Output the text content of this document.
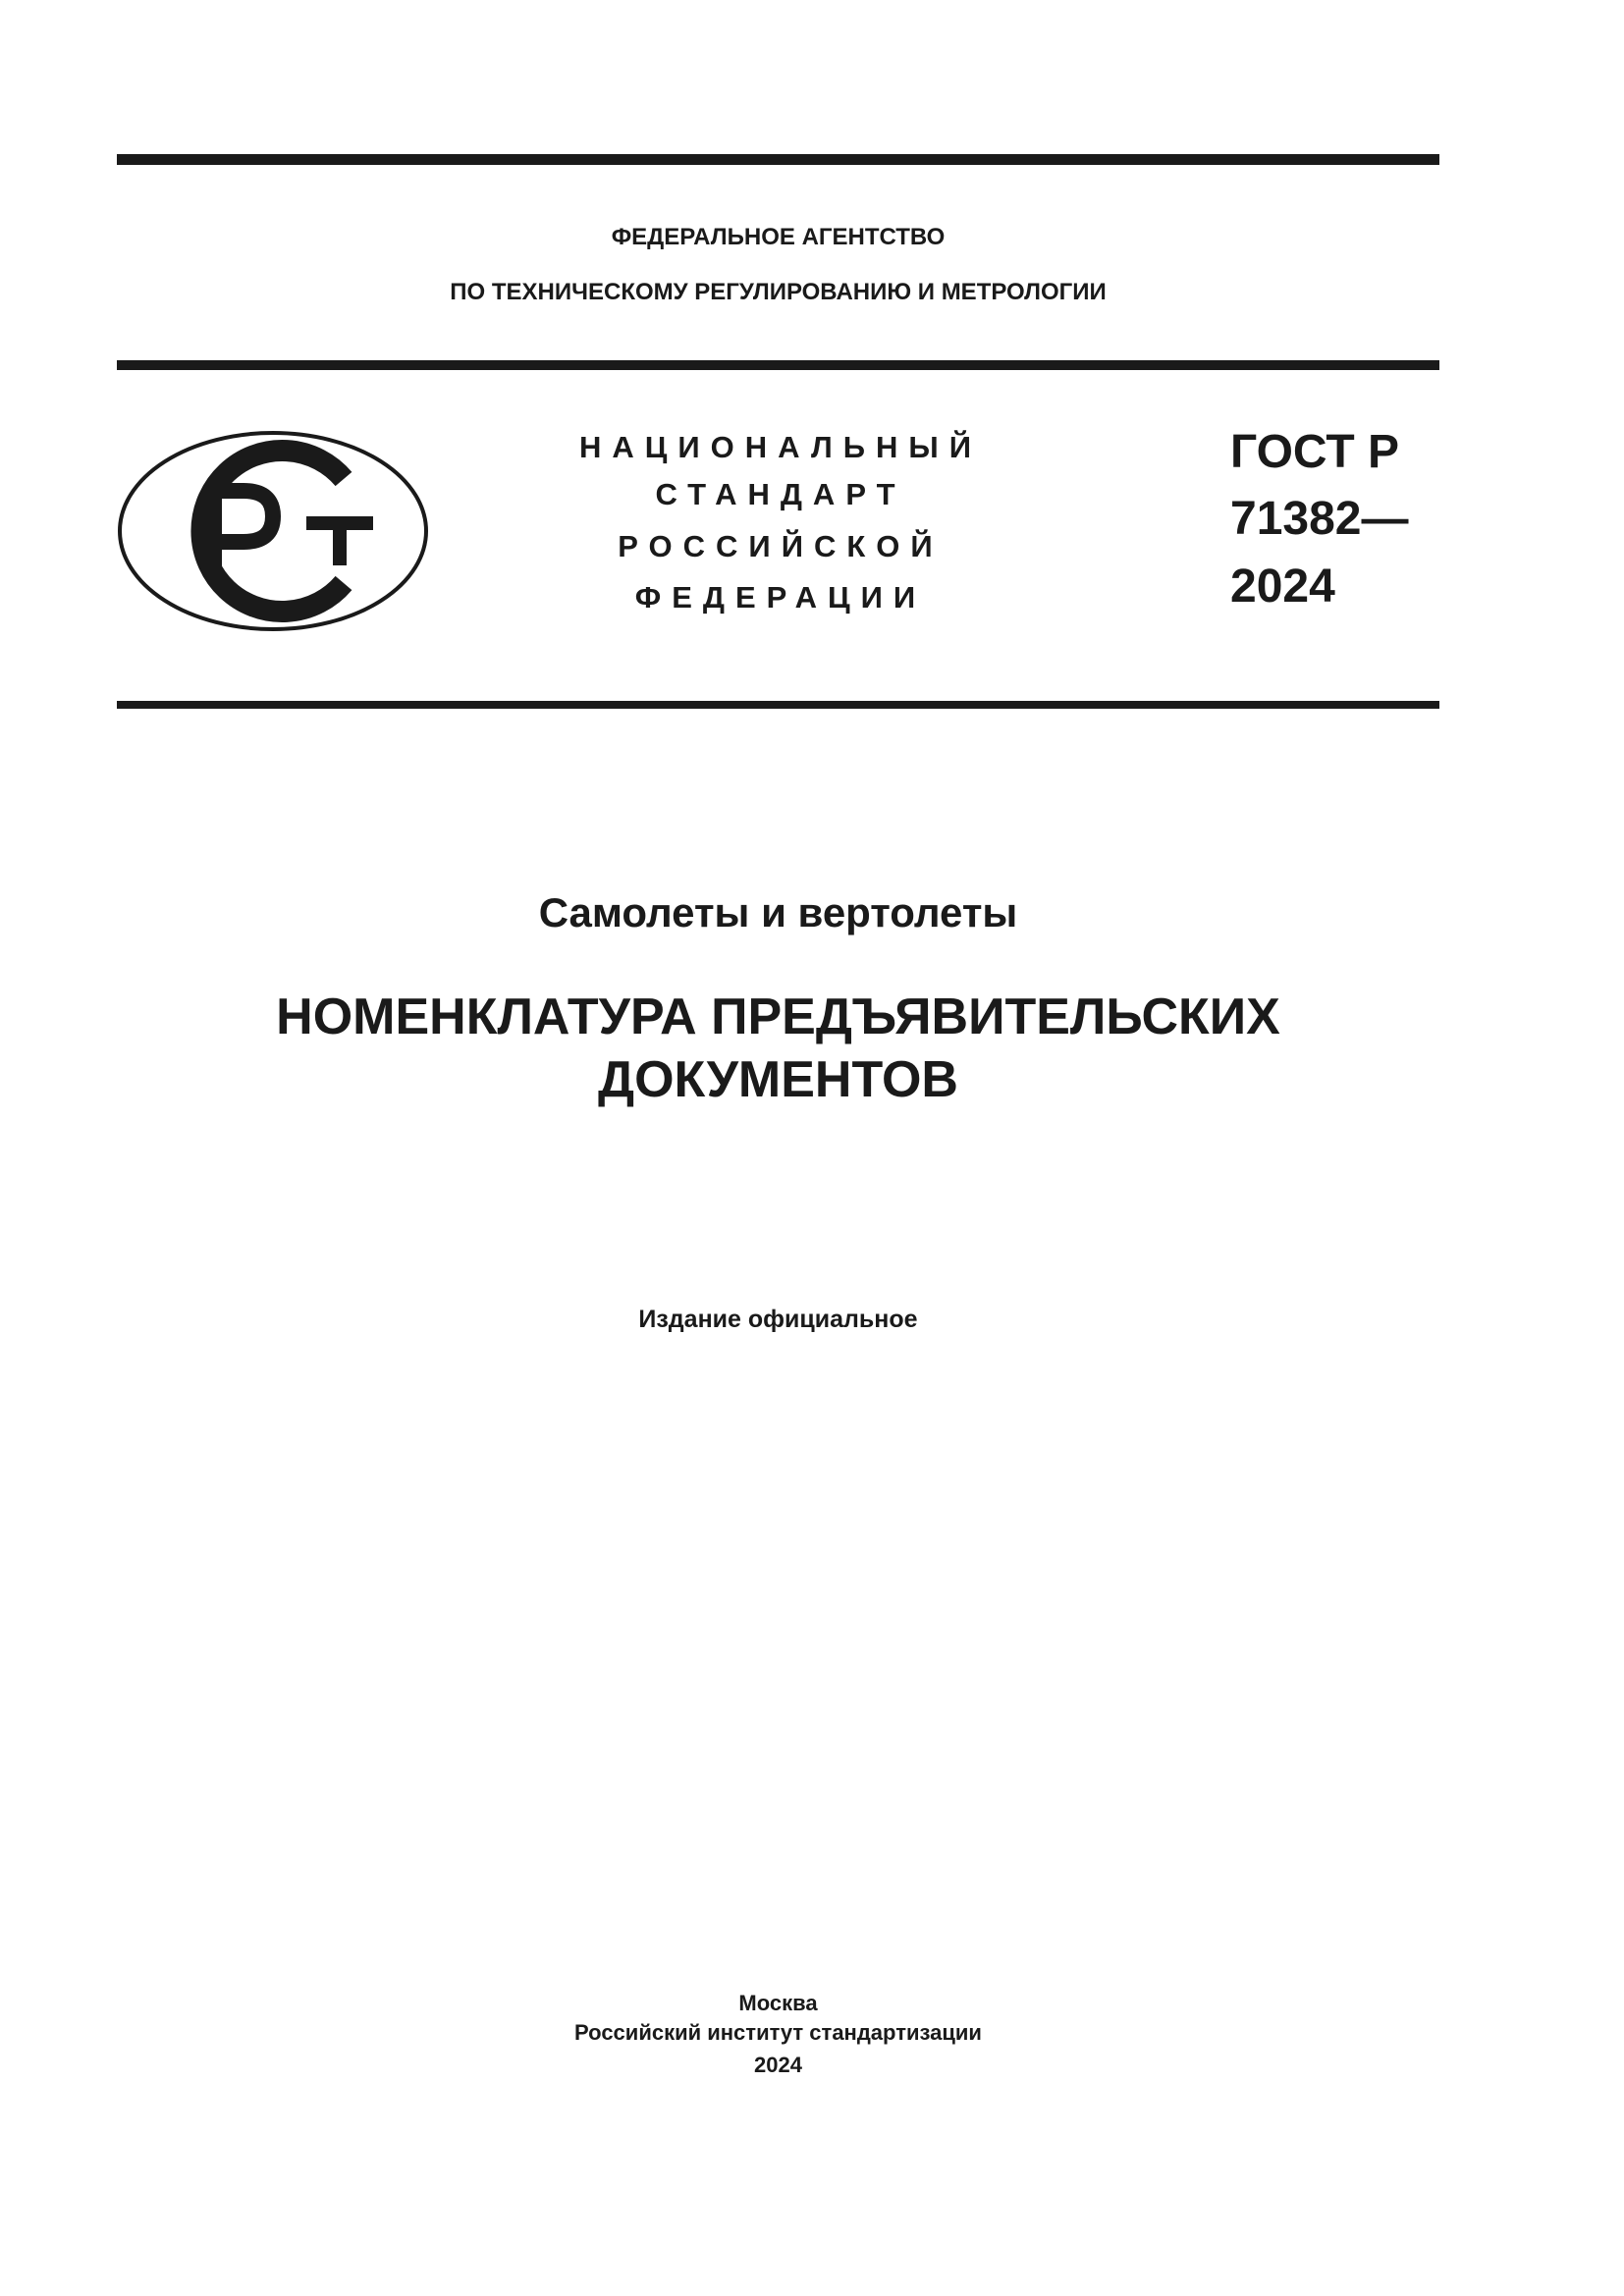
ФЕДЕРАЛЬНОЕ АГЕНТСТВО
ПО ТЕХНИЧЕСКОМУ РЕГУЛИРОВАНИЮ И МЕТРОЛОГИИ
НАЦИОНАЛЬНЫЙ
СТАНДАРТ
РОССИЙСКОЙ
ФЕДЕРАЦИИ
ГОСТ Р
71382—
2024
Самолеты и вертолеты
НОМЕНКЛАТУРА ПРЕДЪЯВИТЕЛЬСКИХ
ДОКУМЕНТОВ
Издание официальное
Москва
Российский институт стандартизации
2024
